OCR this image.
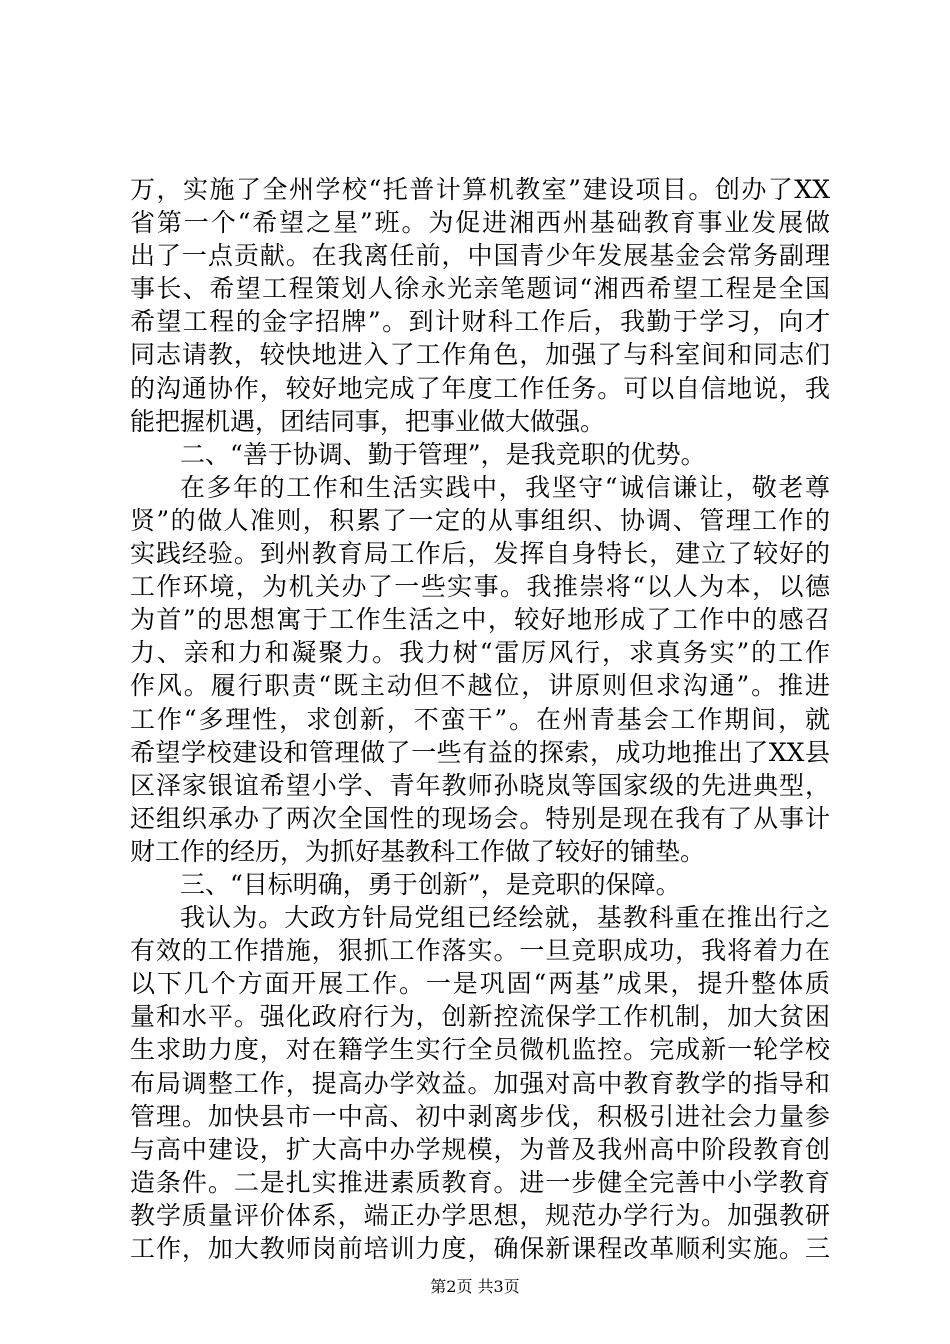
万，实施了全州学校“托普计算机教室”建设项目。创办了XX
省第一个“希望之星”班。为促进湘西州基础教育事业发展做
出了一点贡献。在我离任前，中国青少年发展基金会常务副理
事长、希望工程策划人徐永光亲笔题词“湘西希望工程是全国
希望工程的金字招牌”。到计财科工作后，我勤于学习，向才
同志请教，较快地进入了工作角色，加强了与科室间和同志们
的沟通协作，较好地完成了年度工作任务。可以自信地说，我
能把握机遇，团结同事，把事业做大做强。
二、“善于协调、勤于管理”，是我竞职的优势。
在多年的工作和生活实践中，我坚守“诚信谦让，敬老尊
贤”的做人准则，积累了一定的从事组织、协调、管理工作的
实践经验。到州教育局工作后，发挥自身特长，建立了较好的
工作环境，为机关办了一些实事。我推崇将“以人为本，以德
为首”的思想寓于工作生活之中，较好地形成了工作中的感召
力、亲和力和凝聚力。我力树“雷厉风行，求真务实”的工作
作风。履行职责“既主动但不越位，讲原则但求沟通”。推进
工作“多理性，求创新，不蛮干”。在州青基会工作期间，就
希望学校建设和管理做了一些有益的探索，成功地推出了XX县
区泽家银谊希望小学、青年教师孙晓岚等国家级的先进典型，
还组织承办了两次全国性的现场会。特别是现在我有了从事计
财工作的经历，为抓好基教科工作做了较好的铺垫。
三、“目标明确，勇于创新”，是竞职的保障。
我认为。大政方针局党组已经绘就，基教科重在推出行之
有效的工作措施，狠抓工作落实。一旦竞职成功，我将着力在
以下几个方面开展工作。一是巩固“两基”成果，提升整体质
量和水平。强化政府行为，创新控流保学工作机制，加大贫困
生求助力度，对在籍学生实行全员微机监控。完成新一轮学校
布局调整工作，提高办学效益。加强对高中教育教学的指导和
管理。加快县市一中高、初中剥离步伐，积极引进社会力量参
与高中建设，扩大高中办学规模，为普及我州高中阶段教育创
造条件。二是扎实推进素质教育。进一步健全完善中小学教育
教学质量评价体系，端正办学思想，规范办学行为。加强教研
工作，加大教师岗前培训力度，确保新课程改革顺利实施。三
第2页 共3页
